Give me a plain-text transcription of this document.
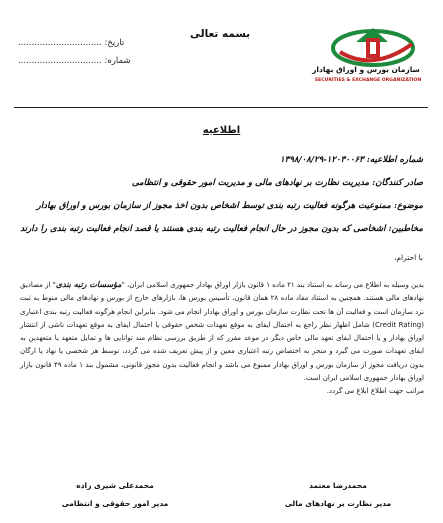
بسمه تعالی
تاریخ: ...............................
شماره: ...............................
سازمان بورس و اوراق بهادار
SECURITIES & EXCHANGE ORGANIZATION
اطلاعیه
شماره اطلاعیه: ۱۲۰۳۰۰۶۳-۱۳۹۸/۰۸/۲۹
صادر کنندگان: مدیریت نظارت بر نهادهای مالی و مدیریت امور حقوقی و انتظامی
موضوع: ممنوعیت هرگونه فعالیت رتبه بندی توسط اشخاص بدون اخذ مجوز از سازمان بورس و اوراق بهادار
مخاطبین: اشخاصی که بدون مجوز در حال انجام فعالیت رتبه بندی هستند یا قصد انجام فعالیت رتبه بندی را دارند
با احترام،
بدین وسیله به اطلاع می رساند به استناد بند ۲۱ ماده ۱ قانون بازار اوراق بهادار جمهوری اسلامی ایران، "مؤسسات رتبه بندی" از مصادیق نهادهای مالی هستند. همچنین به استناد مفاد ماده ۲۸ همان قانون، تأسیس بورس ها، بازارهای خارج از بورس و نهادهای مالی منوط به ثبت نزد سازمان است و فعالیت آن ها تحت نظارت سازمان بورس و اوراق بهادار انجام می شود. بنابراین انجام هرگونه فعالیت رتبه بندی اعتباری (Credit Rating) شامل اظهار نظر راجع به احتمال ایفای به موقع تعهدات شخص حقوقی یا احتمال ایفای به موقع تعهدات ناشی از انتشار اوراق بهادار و یا احتمال ایفای تعهد مالی خاص دیگر در موعد مقرر که از طریق بررسی نظام مند توانایی ها و تمایل متعهد یا متعهدین به ایفای تعهدات صورت می گیرد و منجر به اختصاص رتبه اعتباری معین و از پیش تعریف شده می گردد، توسط هر شخصی یا نهاد یا ارگان بدون دریافت مجوز از سازمان بورس و اوراق بهادار ممنوع می باشد و انجام فعالیت بدون مجوز قانونی، مشمول بند ۱ ماده ۴۹ قانون بازار اوراق بهادار جمهوری اسلامی ایران است.
مراتب جهت اطلاع ابلاغ می گردد.
محمدرضا معتمد
مدیر نظارت بر نهادهای مالی
محمدعلی شیری زاده
مدیر امور حقوقی و انتظامی
